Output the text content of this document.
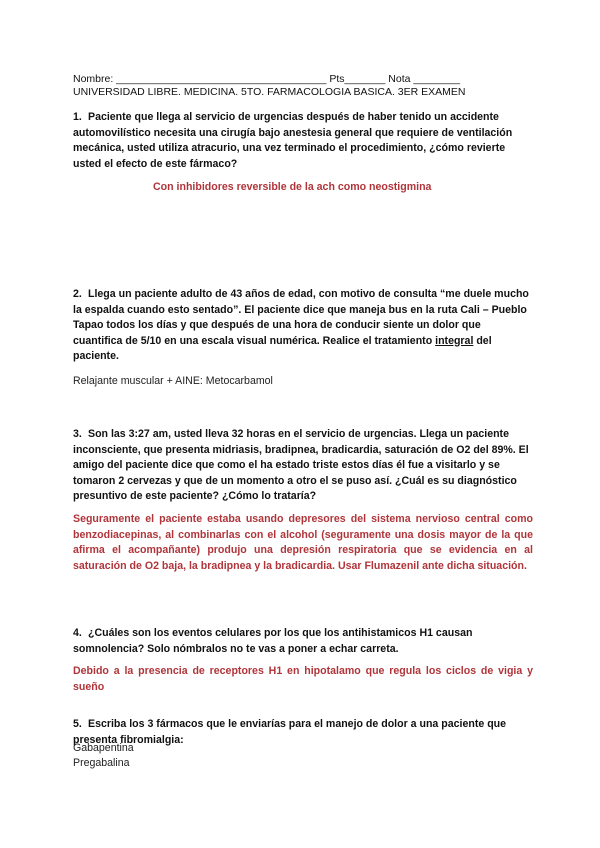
Nombre: ____________________________________ Pts_______ Nota ________
UNIVERSIDAD LIBRE. MEDICINA. 5TO. FARMACOLOGIA BASICA. 3ER EXAMEN
1. Paciente que llega al servicio de urgencias después de haber tenido un accidente automovilístico necesita una cirugía bajo anestesia general que requiere de ventilación mecánica, usted utiliza atracurio, una vez terminado el procedimiento, ¿cómo revierte usted el efecto de este fármaco?
Con inhibidores reversible de la ach como neostigmina
2. Llega un paciente adulto de 43 años de edad, con motivo de consulta “me duele mucho la espalda cuando esto sentado”. El paciente dice que maneja bus en la ruta Cali – Pueblo Tapao todos los días y que después de una hora de conducir siente un dolor que cuantifica de 5/10 en una escala visual numérica. Realice el tratamiento integral del paciente.
Relajante muscular + AINE: Metocarbamol
3. Son las 3:27 am, usted lleva 32 horas en el servicio de urgencias. Llega un paciente inconsciente, que presenta midriasis, bradipnea, bradicardia, saturación de O2 del 89%. El amigo del paciente dice que como el ha estado triste estos días él fue a visitarlo y se tomaron 2 cervezas y que de un momento a otro el se puso así. ¿Cuál es su diagnóstico presuntivo de este paciente? ¿Cómo lo trataría?
Seguramente el paciente estaba usando depresores del sistema nervioso central como benzodiacepinas, al combinarlas con el alcohol (seguramente una dosis mayor de la que afirma el acompañante) produjo una depresión respiratoria que se evidencia en al saturación de O2 baja, la bradipnea y la bradicardia. Usar Flumazenil ante dicha situación.
4. ¿Cuáles son los eventos celulares por los que los antihistamicos H1 causan somnolencia? Solo nómbralos no te vas a poner a echar carreta.
Debido a la presencia de receptores H1 en hipotalamo que regula los ciclos de vigia y sueño
5. Escriba los 3 fármacos que le enviarías para el manejo de dolor a una paciente que presenta fibromialgia:
Gabapentina
Pregabalina
